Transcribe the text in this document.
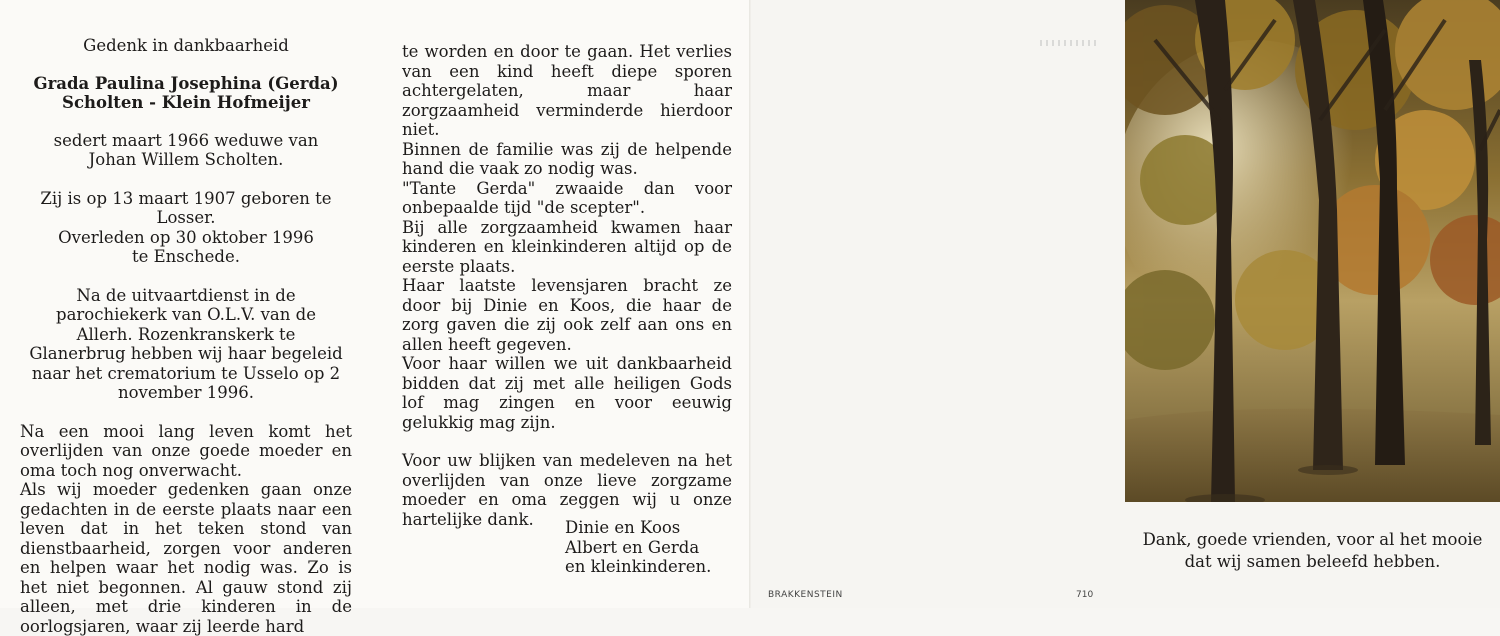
Gedenk in dankbaarheid
Grada Paulina Josephina (Gerda)
Scholten - Klein Hofmeijer
sedert maart 1966 weduwe van
Johan Willem Scholten.
Zij is op 13 maart 1907 geboren te Losser.
Overleden op 30 oktober 1996
te Enschede.
Na de uitvaartdienst in de parochiekerk van O.L.V. van de Allerh. Rozenkranskerk te Glanerbrug hebben wij haar begeleid naar het crematorium te Usselo op 2 november 1996.
Na een mooi lang leven komt het overlijden van onze goede moeder en oma toch nog onverwacht.
Als wij moeder gedenken gaan onze gedachten in de eerste plaats naar een leven dat in het teken stond van dienstbaarheid, zorgen voor anderen en helpen waar het nodig was. Zo is het niet begonnen. Al gauw stond zij alleen, met drie kinderen in de oorlogsjaren, waar zij leerde hard
te worden en door te gaan. Het verlies van een kind heeft diepe sporen achtergelaten, maar haar zorgzaamheid verminderde hierdoor niet.
Binnen de familie was zij de helpende hand die vaak zo nodig was.
"Tante Gerda" zwaaide dan voor onbepaalde tijd "de scepter".
Bij alle zorgzaamheid kwamen haar kinderen en kleinkinderen altijd op de eerste plaats.
Haar laatste levensjaren bracht ze door bij Dinie en Koos, die haar de zorg gaven die zij ook zelf aan ons en allen heeft gegeven.
Voor haar willen we uit dankbaarheid bidden dat zij met alle heiligen Gods lof mag zingen en voor eeuwig gelukkig mag zijn.
Voor uw blijken van medeleven na het overlijden van onze lieve zorgzame moeder en oma zeggen wij u onze hartelijke dank.	Dinie en Koos
Albert en Gerda
en kleinkinderen.
Dank, goede vrienden, voor al het mooie
dat wij samen beleefd hebben.
BRAKKENSTEIN	710
